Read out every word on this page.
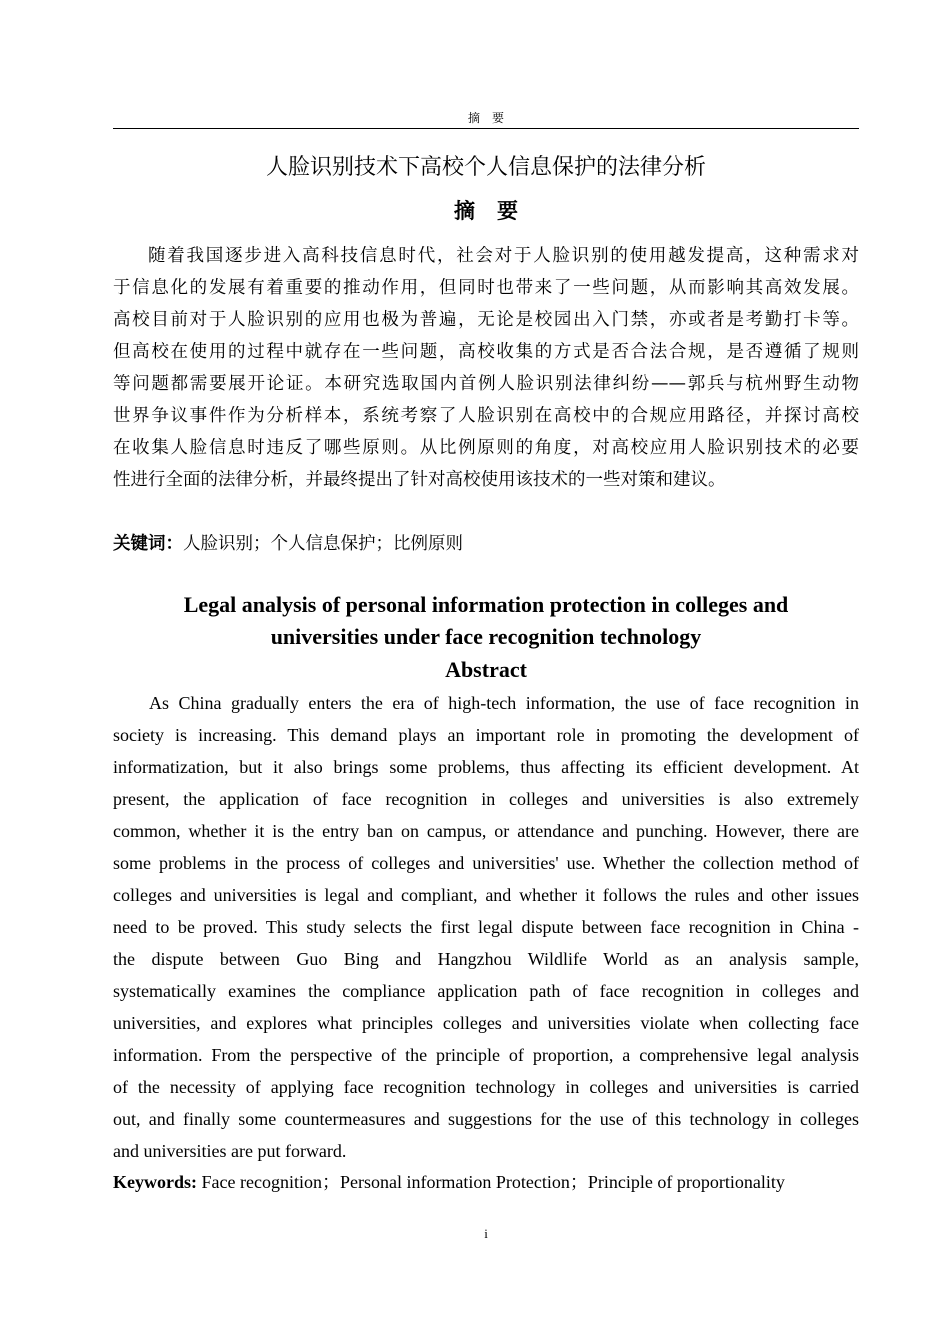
摘要
人脸识别技术下高校个人信息保护的法律分析
摘要
随着我国逐步进入高科技信息时代，社会对于人脸识别的使用越发提高，这种需求对
于信息化的发展有着重要的推动作用，但同时也带来了一些问题，从而影响其高效发展。
高校目前对于人脸识别的应用也极为普遍，无论是校园出入门禁，亦或者是考勤打卡等。
但高校在使用的过程中就存在一些问题，高校收集的方式是否合法合规，是否遵循了规则
等问题都需要展开论证。本研究选取国内首例人脸识别法律纠纷——郭兵与杭州野生动物
世界争议事件作为分析样本，系统考察了人脸识别在高校中的合规应用路径，并探讨高校
在收集人脸信息时违反了哪些原则。从比例原则的角度，对高校应用人脸识别技术的必要
性进行全面的法律分析，并最终提出了针对高校使用该技术的一些对策和建议。
关键词：人脸识别；个人信息保护；比例原则
Legal analysis of personal information protection in colleges and
universities under face recognition technology
Abstract
As China gradually enters the era of high-tech information, the use of face recognition in
society is increasing. This demand plays an important role in promoting the development of
informatization, but it also brings some problems, thus affecting its efficient development. At
present, the application of face recognition in colleges and universities is also extremely
common, whether it is the entry ban on campus, or attendance and punching. However, there are
some problems in the process of colleges and universities' use. Whether the collection method of
colleges and universities is legal and compliant, and whether it follows the rules and other issues
need to be proved. This study selects the first legal dispute between face recognition in China -
the dispute between Guo Bing and Hangzhou Wildlife World as an analysis sample,
systematically examines the compliance application path of face recognition in colleges and
universities, and explores what principles colleges and universities violate when collecting face
information. From the perspective of the principle of proportion, a comprehensive legal analysis
of the necessity of applying face recognition technology in colleges and universities is carried
out, and finally some countermeasures and suggestions for the use of this technology in colleges
and universities are put forward.
Keywords: Face recognition；Personal information Protection；Principle of proportionality
i
